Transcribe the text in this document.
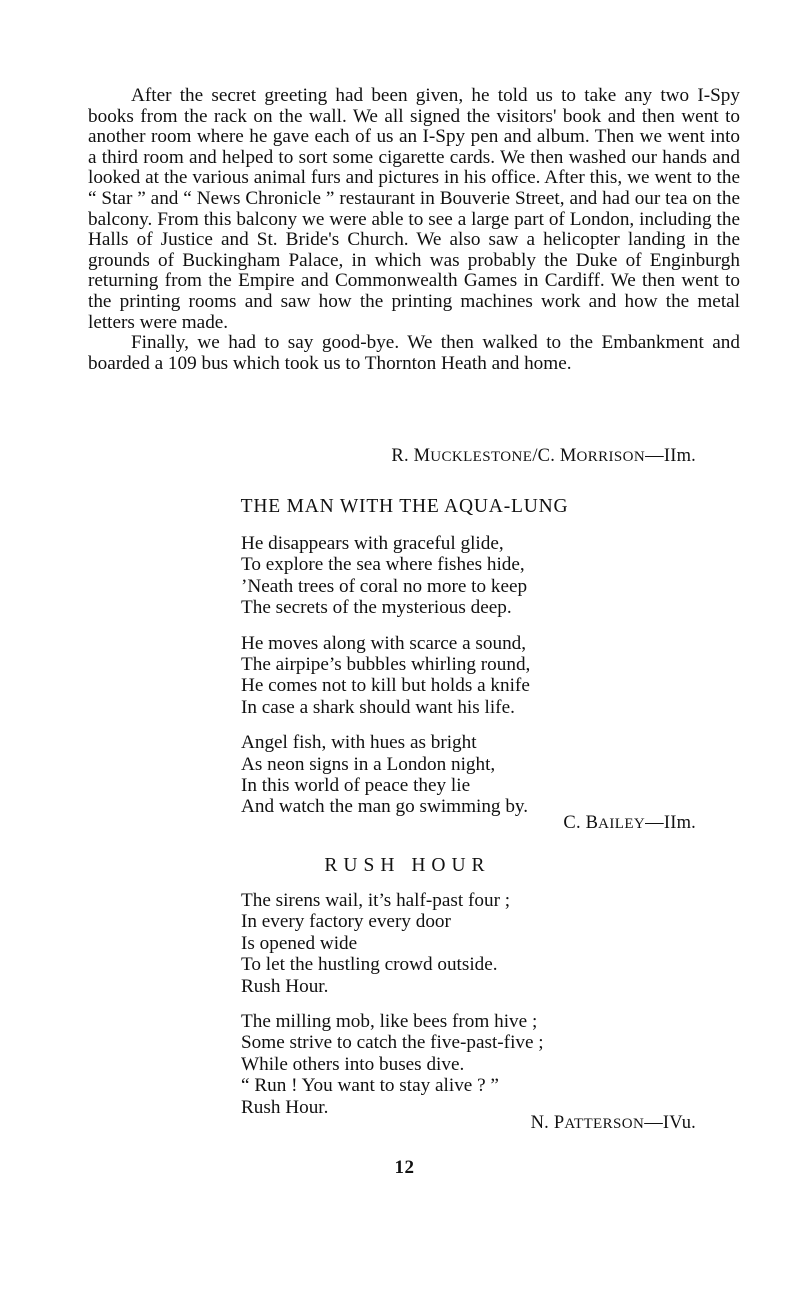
After the secret greeting had been given, he told us to take any two I-Spy books from the rack on the wall. We all signed the visitors' book and then went to another room where he gave each of us an I-Spy pen and album. Then we went into a third room and helped to sort some cigarette cards. We then washed our hands and looked at the various animal furs and pictures in his office. After this, we went to the “ Star ” and “ News Chronicle ” restaurant in Bouverie Street, and had our tea on the balcony. From this balcony we were able to see a large part of London, including the Halls of Justice and St. Bride's Church. We also saw a helicopter landing in the grounds of Buckingham Palace, in which was probably the Duke of Enginburgh returning from the Empire and Commonwealth Games in Cardiff. We then went to the printing rooms and saw how the printing machines work and how the metal letters were made.

Finally, we had to say good-bye. We then walked to the Embankment and boarded a 109 bus which took us to Thornton Heath and home.

R. MUCKLESTONE/C. MORRISON—IIm.
THE MAN WITH THE AQUA-LUNG
He disappears with graceful glide,
To explore the sea where fishes hide,
’Neath trees of coral no more to keep
The secrets of the mysterious deep.
He moves along with scarce a sound,
The airpipe’s bubbles whirling round,
He comes not to kill but holds a knife
In case a shark should want his life.
Angel fish, with hues as bright
As neon signs in a London night,
In this world of peace they lie
And watch the man go swimming by.
C. BAILEY—IIm.
RUSH HOUR
The sirens wail, it’s half-past four ;
In every factory every door
Is opened wide
To let the hustling crowd outside.
Rush Hour.
The milling mob, like bees from hive ;
Some strive to catch the five-past-five ;
While others into buses dive.
“ Run ! You want to stay alive ? ”
Rush Hour.
N. PATTERSON—IVu.
12
